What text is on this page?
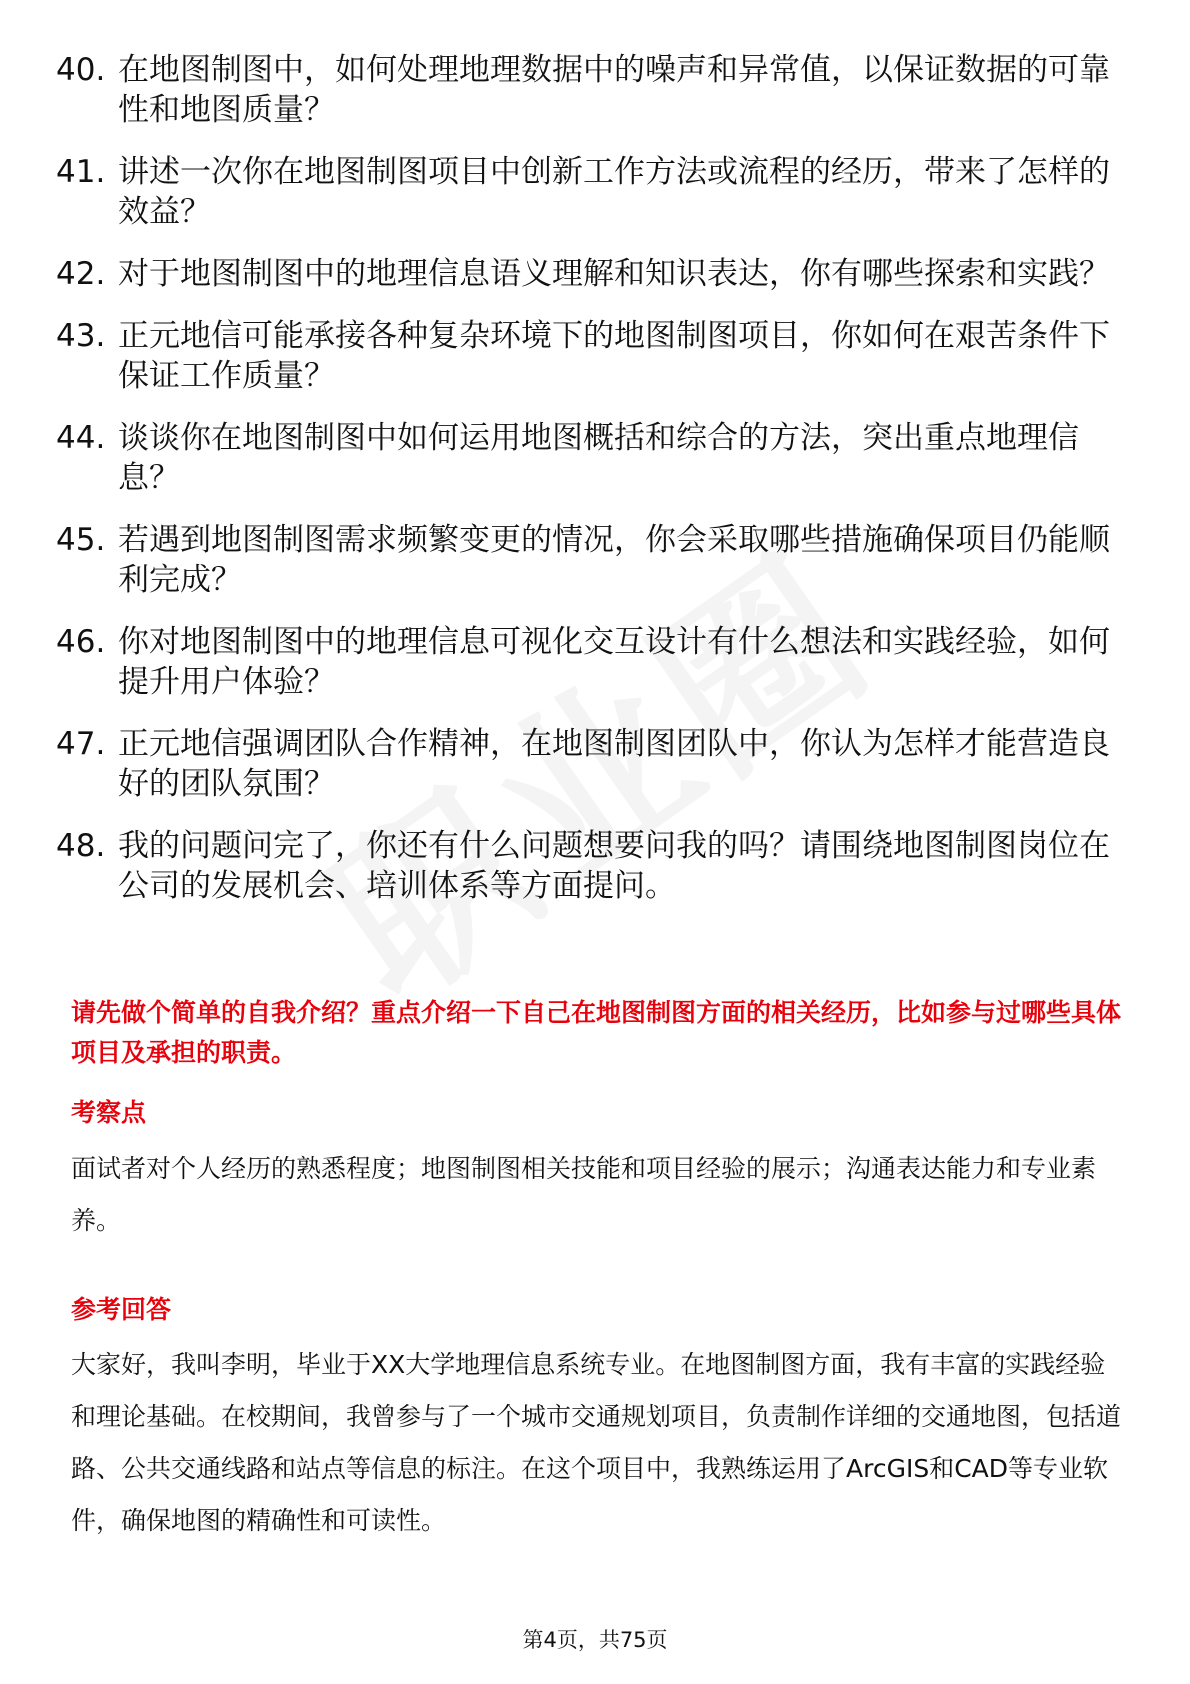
40. 在地图制图中，如何处理地理数据中的噪声和异常值，以保证数据的可靠性和地图质量？
41. 讲述一次你在地图制图项目中创新工作方法或流程的经历，带来了怎样的效益？
42. 对于地图制图中的地理信息语义理解和知识表达，你有哪些探索和实践？
43. 正元地信可能承接各种复杂环境下的地图制图项目，你如何在艰苦条件下保证工作质量？
44. 谈谈你在地图制图中如何运用地图概括和综合的方法，突出重点地理信息？
45. 若遇到地图制图需求频繁变更的情况，你会采取哪些措施确保项目仍能顺利完成？
46. 你对地图制图中的地理信息可视化交互设计有什么想法和实践经验，如何提升用户体验？
47. 正元地信强调团队合作精神，在地图制图团队中，你认为怎样才能营造良好的团队氛围？
48. 我的问题问完了，你还有什么问题想要问我的吗？请围绕地图制图岗位在公司的发展机会、培训体系等方面提问。
请先做个简单的自我介绍？重点介绍一下自己在地图制图方面的相关经历，比如参与过哪些具体项目及承担的职责。
考察点
面试者对个人经历的熟悉程度；地图制图相关技能和项目经验的展示；沟通表达能力和专业素养。
参考回答
大家好，我叫李明，毕业于XX大学地理信息系统专业。在地图制图方面，我有丰富的实践经验和理论基础。在校期间，我曾参与了一个城市交通规划项目，负责制作详细的交通地图，包括道路、公共交通线路和站点等信息的标注。在这个项目中，我熟练运用了ArcGIS和CAD等专业软件，确保地图的精确性和可读性。
第4页，共75页
